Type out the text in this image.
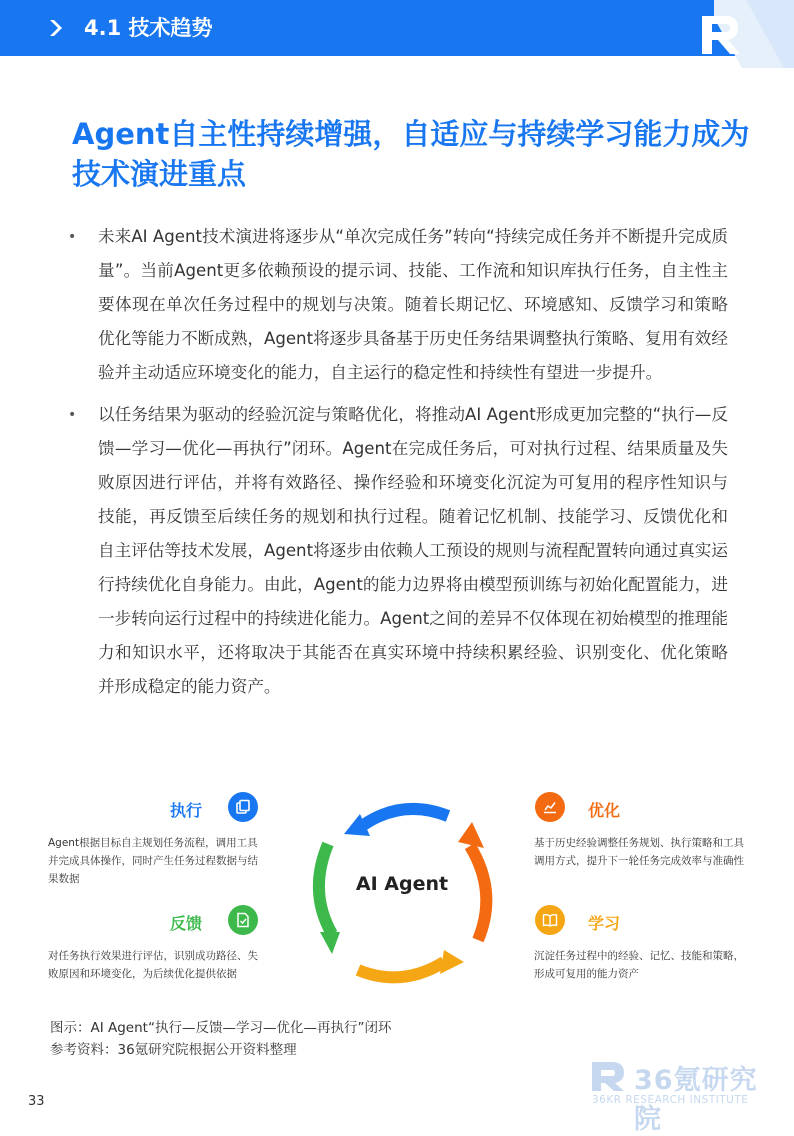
4.1 技术趋势
Agent自主性持续增强，自适应与持续学习能力成为技术演进重点
• 未来AI Agent技术演进将逐步从“单次完成任务”转向“持续完成任务并不断提升完成质量”。当前Agent更多依赖预设的提示词、技能、工作流和知识库执行任务，自主性主要体现在单次任务过程中的规划与决策。随着长期记忆、环境感知、反馈学习和策略优化等能力不断成熟，Agent将逐步具备基于历史任务结果调整执行策略、复用有效经验并主动适应环境变化的能力，自主运行的稳定性和持续性有望进一步提升。
• 以任务结果为驱动的经验沉淀与策略优化，将推动AI Agent形成更加完整的“执行—反馈—学习—优化—再执行”闭环。Agent在完成任务后，可对执行过程、结果质量及失败原因进行评估，并将有效路径、操作经验和环境变化沉淀为可复用的程序性知识与技能，再反馈至后续任务的规划和执行过程。随着记忆机制、技能学习、反馈优化和自主评估等技术发展，Agent将逐步由依赖人工预设的规则与流程配置转向通过真实运行持续优化自身能力。由此，Agent的能力边界将由模型预训练与初始化配置能力，进一步转向运行过程中的持续进化能力。Agent之间的差异不仅体现在初始模型的推理能力和知识水平，还将取决于其能否在真实环境中持续积累经验、识别变化、优化策略并形成稳定的能力资产。
AI Agent
执行
Agent根据目标自主规划任务流程，调用工具并完成具体操作，同时产生任务过程数据与结果数据
反馈
对任务执行效果进行评估，识别成功路径、失败原因和环境变化，为后续优化提供依据
优化
基于历史经验调整任务规划、执行策略和工具调用方式，提升下一轮任务完成效率与准确性
学习
沉淀任务过程中的经验、记忆、技能和策略，形成可复用的能力资产
图示：AI Agent“执行—反馈—学习—优化—再执行”闭环
参考资料：36氪研究院根据公开资料整理
33
36氪研究院
36KR RESEARCH INSTITUTE
